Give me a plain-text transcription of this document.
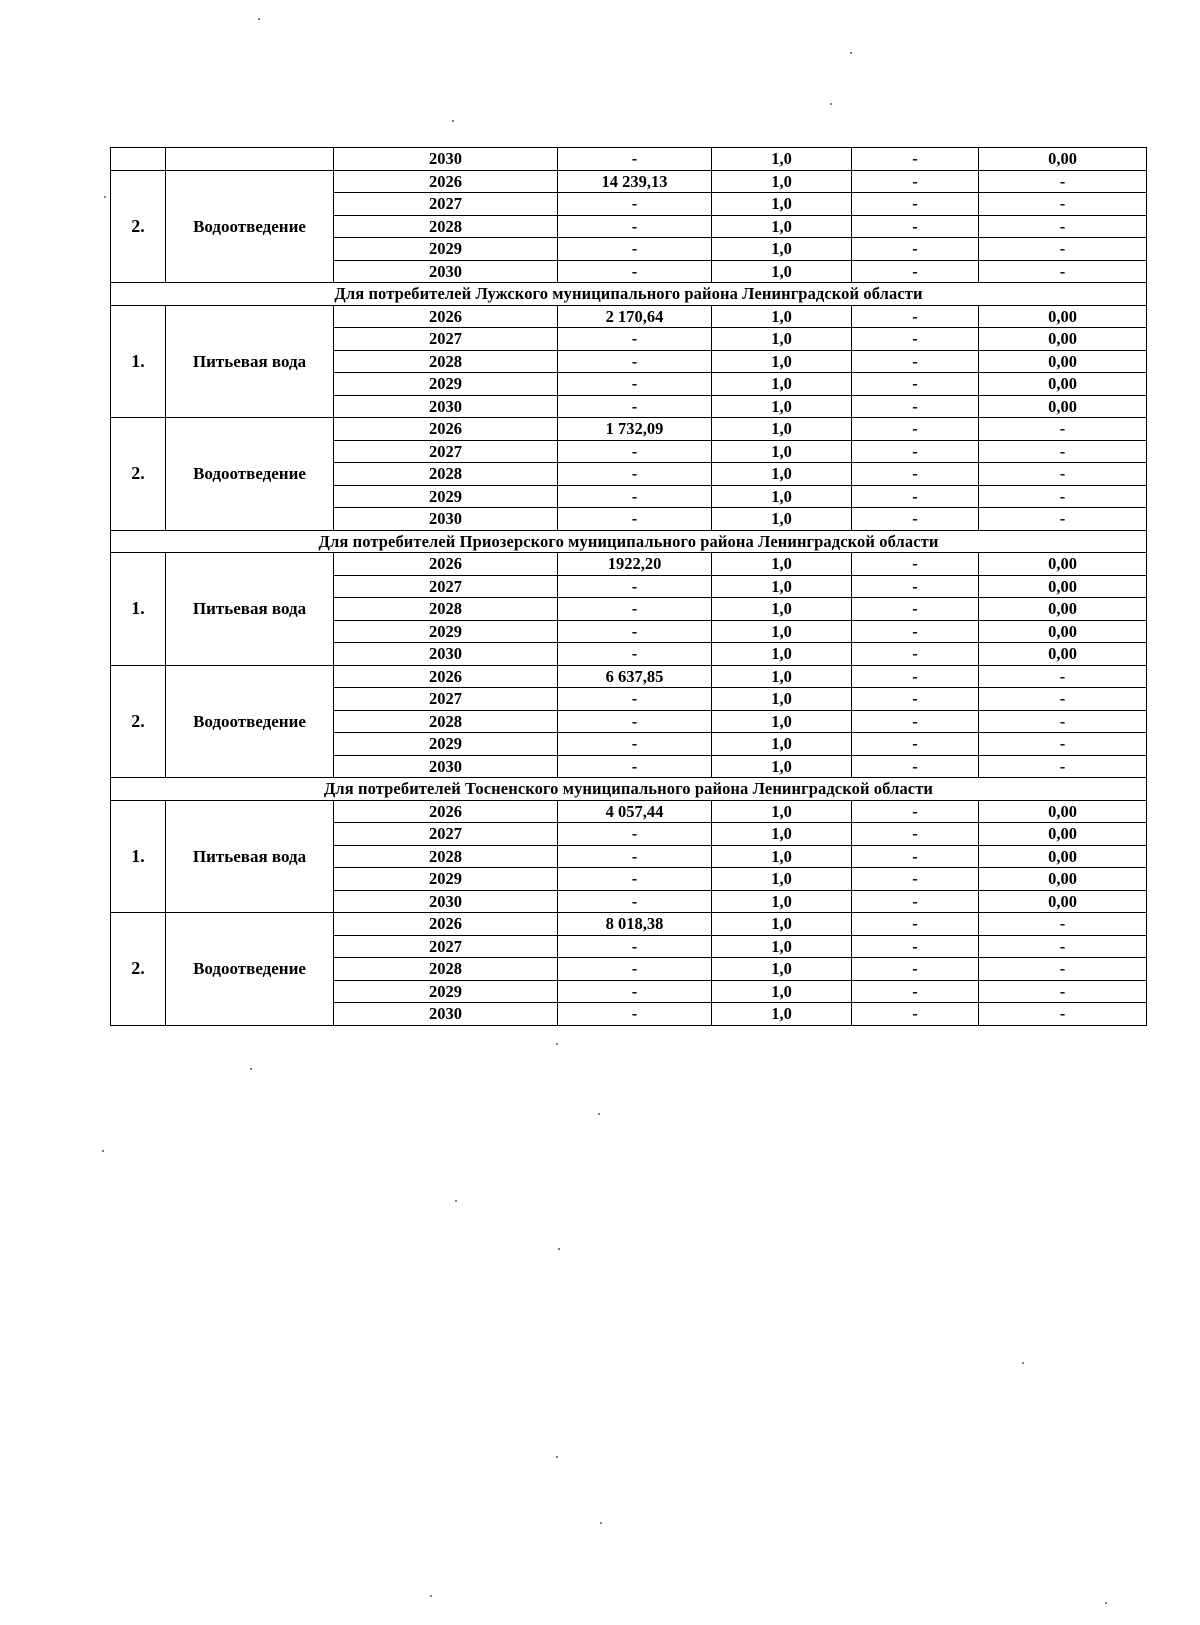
		2030	-	1,0	-	0,00	
2.	Водоотведение	2026	14 239,13	1,0	-	-	
		2027	-	1,0	-	-	
		2028	-	1,0	-	-	
		2029	-	1,0	-	-	
		2030	-	1,0	-	-	
Для потребителей Лужского муниципального района Ленинградской области							
1.	Питьевая вода	2026	2 170,64	1,0	-	0,00	
		2027	-	1,0	-	0,00	
		2028	-	1,0	-	0,00	
		2029	-	1,0	-	0,00	
		2030	-	1,0	-	0,00	
2.	Водоотведение	2026	1 732,09	1,0	-	-	
		2027	-	1,0	-	-	
		2028	-	1,0	-	-	
		2029	-	1,0	-	-	
		2030	-	1,0	-	-	
Для потребителей Приозерского муниципального района Ленинградской области							
1.	Питьевая вода	2026	1922,20	1,0	-	0,00	
		2027	-	1,0	-	0,00	
		2028	-	1,0	-	0,00	
		2029	-	1,0	-	0,00	
		2030	-	1,0	-	0,00	
2.	Водоотведение	2026	6 637,85	1,0	-	-	
		2027	-	1,0	-	-	
		2028	-	1,0	-	-	
		2029	-	1,0	-	-	
		2030	-	1,0	-	-	
Для потребителей Тосненского муниципального района Ленинградской области							
1.	Питьевая вода	2026	4 057,44	1,0	-	0,00	
		2027	-	1,0	-	0,00	
		2028	-	1,0	-	0,00	
		2029	-	1,0	-	0,00	
		2030	-	1,0	-	0,00	
2.	Водоотведение	2026	8 018,38	1,0	-	-	
		2027	-	1,0	-	-	
		2028	-	1,0	-	-	
		2029	-	1,0	-	-	
		2030	-	1,0	-	-	
